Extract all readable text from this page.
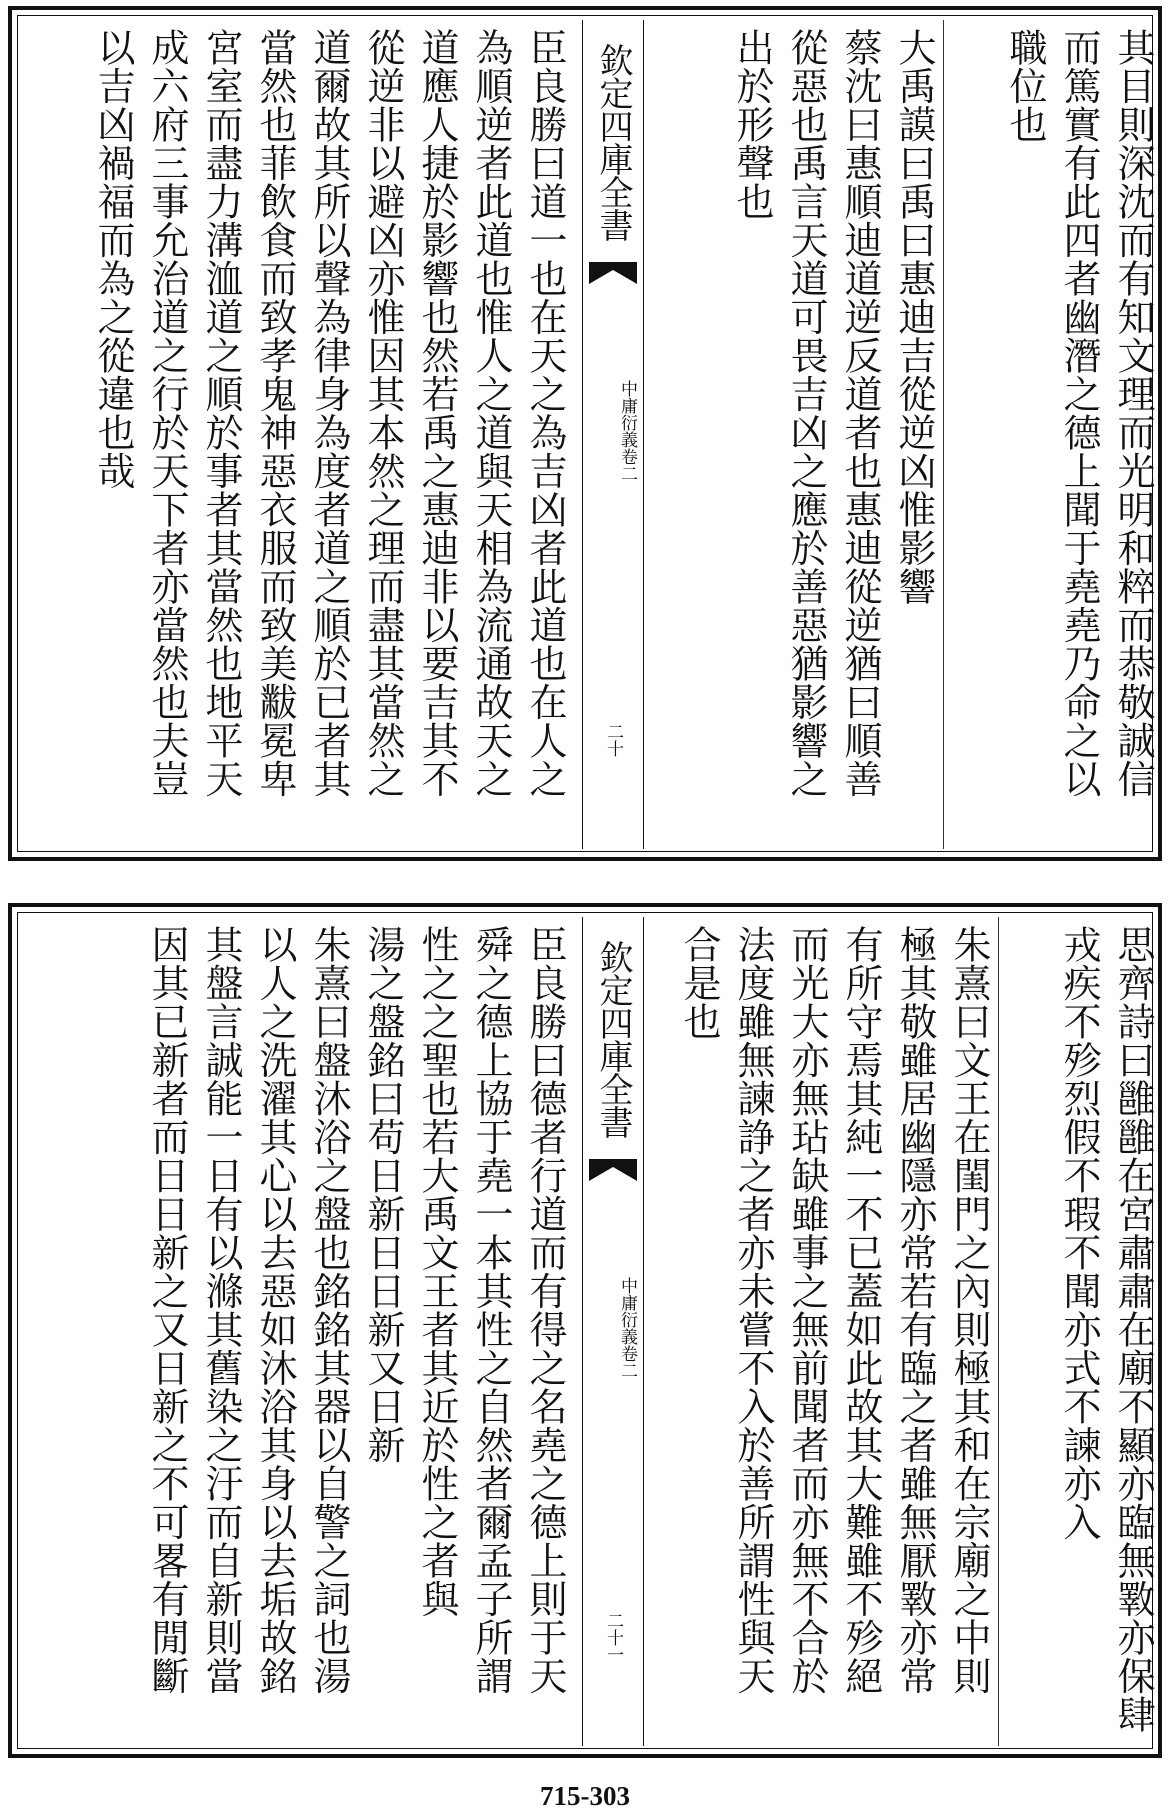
其目則深沈而有知文理而光明和粹而恭敬誠信
而篤實有此四者幽潛之德上聞于堯堯乃命之以
職位也
大禹謨曰禹曰惠迪吉從逆凶惟影響
蔡沈曰惠順迪道逆反道者也惠迪從逆猶曰順善
從惡也禹言天道可畏吉凶之應於善惡猶影響之
出於形聲也
欽定四庫全書
中庸衍義卷二
二十
臣良勝曰道一也在天之為吉凶者此道也在人之
為順逆者此道也惟人之道與天相為流通故天之
道應人捷於影響也然若禹之惠迪非以要吉其不
從逆非以避凶亦惟因其本然之理而盡其當然之
道爾故其所以聲為律身為度者道之順於已者其
當然也菲飲食而致孝鬼神惡衣服而致美黻冕卑
宮室而盡力溝洫道之順於事者其當然也地平天
成六府三事允治道之行於天下者亦當然也夫豈
以吉凶禍福而為之從違也哉
思齊詩曰雝雝在宮肅肅在廟不顯亦臨無斁亦保肆
戎疾不殄烈假不瑕不聞亦式不諫亦入
朱熹曰文王在閨門之內則極其和在宗廟之中則
極其敬雖居幽隱亦常若有臨之者雖無厭斁亦常
有所守焉其純一不已蓋如此故其大難雖不殄絕
而光大亦無玷缺雖事之無前聞者而亦無不合於
法度雖無諫諍之者亦未嘗不入於善所謂性與天
合是也
欽定四庫全書
中庸衍義卷二
二十一
臣良勝曰德者行道而有得之名堯之德上則于天
舜之德上協于堯一本其性之自然者爾孟子所謂
性之之聖也若大禹文王者其近於性之者與
湯之盤銘曰苟日新日日新又日新
朱熹曰盤沐浴之盤也銘銘其器以自警之詞也湯
以人之洗濯其心以去惡如沐浴其身以去垢故銘
其盤言誠能一日有以滌其舊染之汙而自新則當
因其已新者而日日新之又日新之不可畧有閒斷
715-303
